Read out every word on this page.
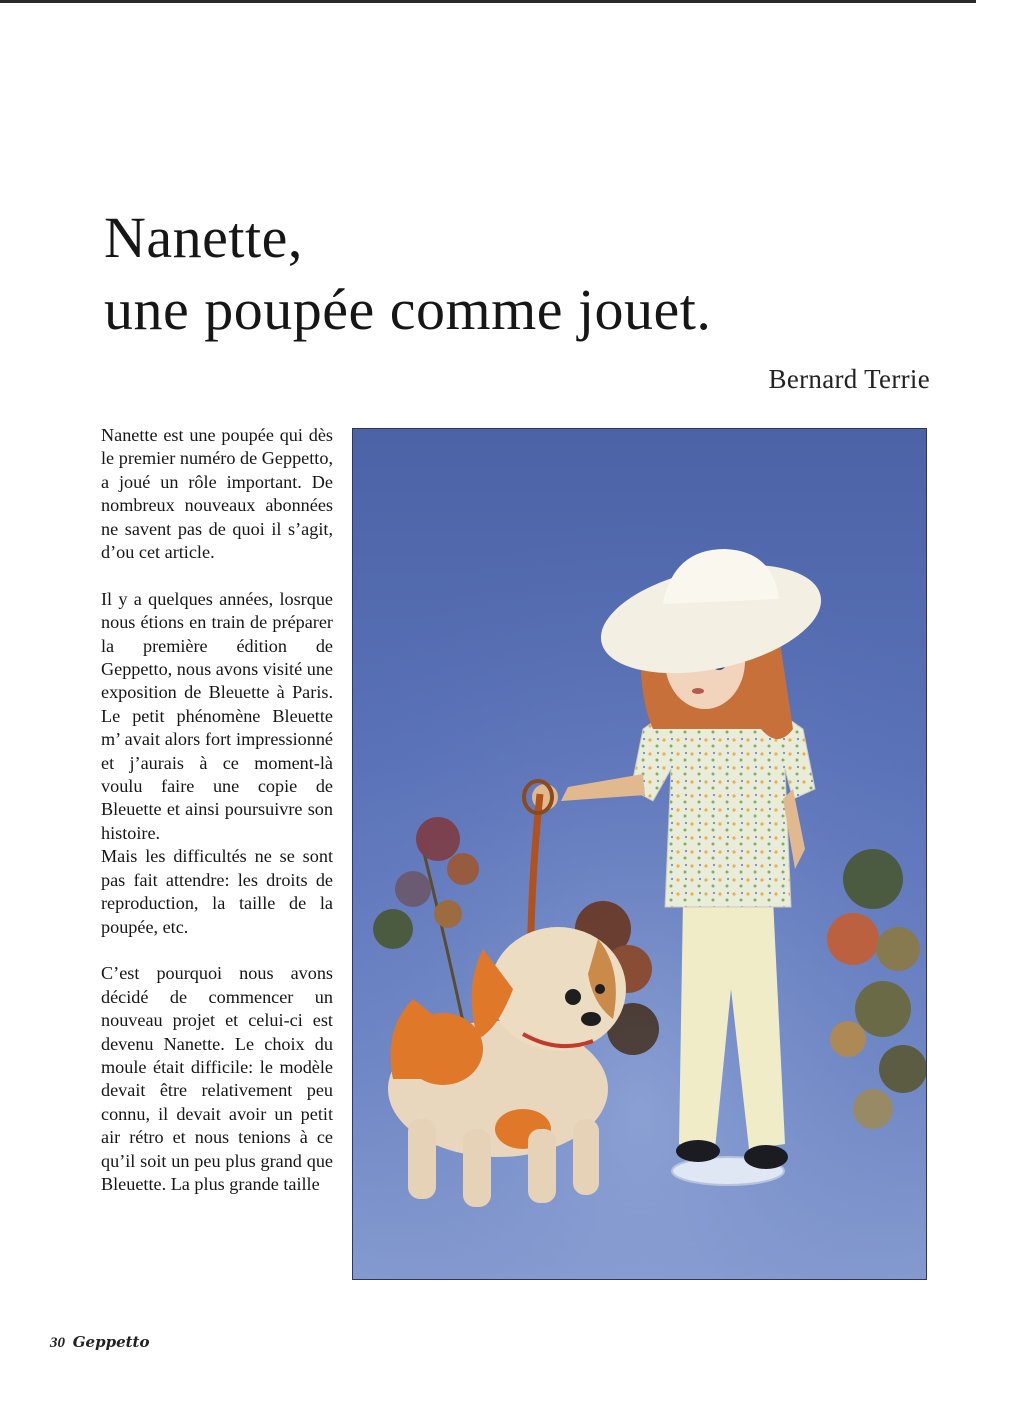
Nanette,
une poupée comme jouet.
Bernard Terrie

Nanette est une poupée qui dès le premier numéro de Geppetto, a joué un rôle important. De nombreux nouveaux abonnées ne savent pas de quoi il s’agit, d’ou cet article.

Il y a quelques années, losrque nous étions en train de préparer la première édition de Geppetto, nous avons visité une exposition de Bleuette à Paris. Le petit phénomène Bleuette m’ avait alors fort impressionné et j’aurais à ce moment-là voulu faire une copie de Bleuette et ainsi poursuivre son histoire.

Mais les difficultés ne se sont pas fait attendre: les droits de reproduction, la taille de la poupée, etc.

C’est pourquoi nous avons décidé de commencer un nouveau projet et celui-ci est devenu Nanette. Le choix du moule était difficile: le modèle devait être relativement peu connu, il devait avoir un petit air rétro et nous tenions à ce qu’il soit un peu plus grand que Bleuette. La plus grande taille

30 Geppetto
